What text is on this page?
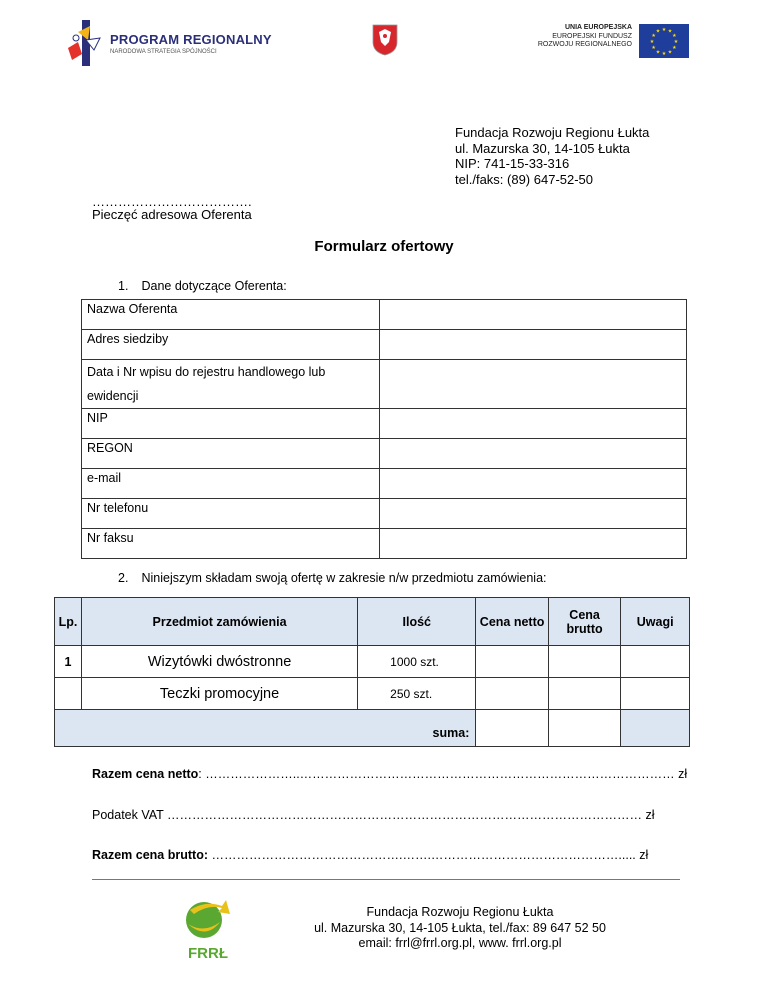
PROGRAM REGIONALNY
NARODOWA STRATEGIA SPÓJNOŚCI
UNIA EUROPEJSKA
EUROPEJSKI FUNDUSZ
ROZWOJU REGIONALNEGO
★ ★
★
★
★
★
★
★
★
★
★
★
Fundacja Rozwoju Regionu Łukta
ul. Mazurska 30, 14-105 Łukta
NIP: 741-15-33-316
tel./faks: (89) 647-52-50
……………………………….
Pieczęć adresowa Oferenta
Formularz ofertowy
1. Dane dotyczące Oferenta:
Nazwa Oferenta	
Adres siedziby	
Data i Nr wpisu do rejestru handlowego lub ewidencji	
NIP	
REGON	
e-mail	
Nr telefonu	
Nr faksu	
2. Niniejszym składam swoją ofertę w zakresie n/w przedmiotu zamówienia:
Lp.	Przedmiot zamówienia	Ilość	Cena netto	Cena brutto	Uwagi
1	Wizytówki dwóstronne	1000 szt.			
	Teczki promocyjne	250 szt.			
suma:					
Razem cena netto: …………………..……………………………………………………………………………… zł
Podatek VAT …………………………………………………………………………………………………… zł
Razem cena brutto: ……………………………………….…….………………………………………..... zł
FRRŁ
Fundacja Rozwoju Regionu Łukta
ul. Mazurska 30, 14-105 Łukta, tel./fax: 89 647 52 50
email: frrl@frrl.org.pl, www. frrl.org.pl
